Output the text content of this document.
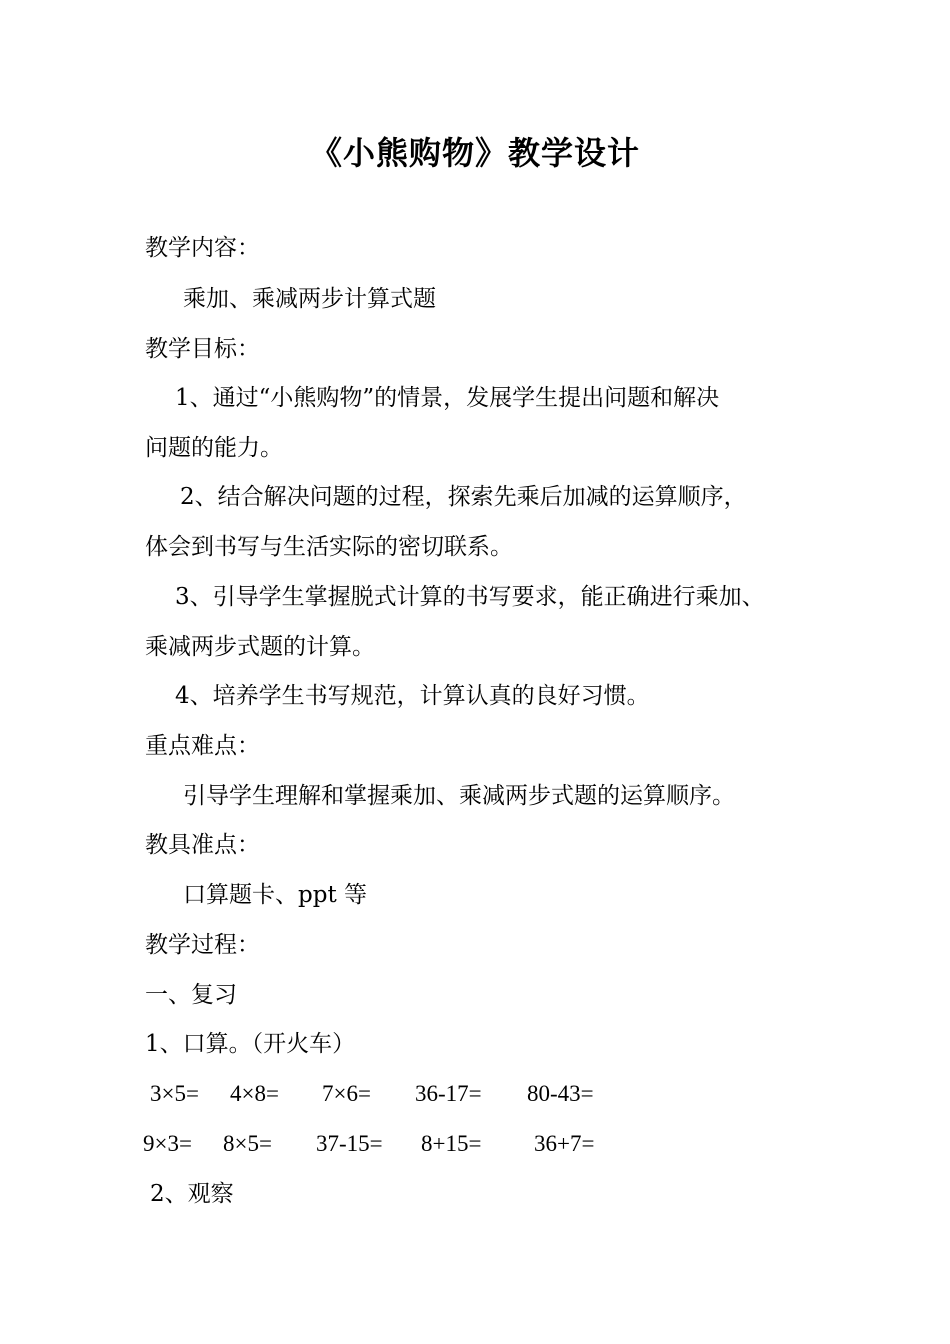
《小熊购物》教学设计
教学内容：
乘加、乘减两步计算式题
教学目标：
1、通过“小熊购物”的情景，发展学生提出问题和解决
问题的能力。
2、结合解决问题的过程，探索先乘后加减的运算顺序，
体会到书写与生活实际的密切联系。
3、引导学生掌握脱式计算的书写要求，能正确进行乘加、
乘减两步式题的计算。
4、培养学生书写规范，计算认真的良好习惯。
重点难点：
引导学生理解和掌握乘加、乘减两步式题的运算顺序。
教具准点：
口算题卡、ppt 等
教学过程：
一、复习
1、口算。（开火车）
3×5= 4×8= 7×6= 36-17= 80-43=
9×3= 8×5= 37-15= 8+15= 36+7=
2、观察
